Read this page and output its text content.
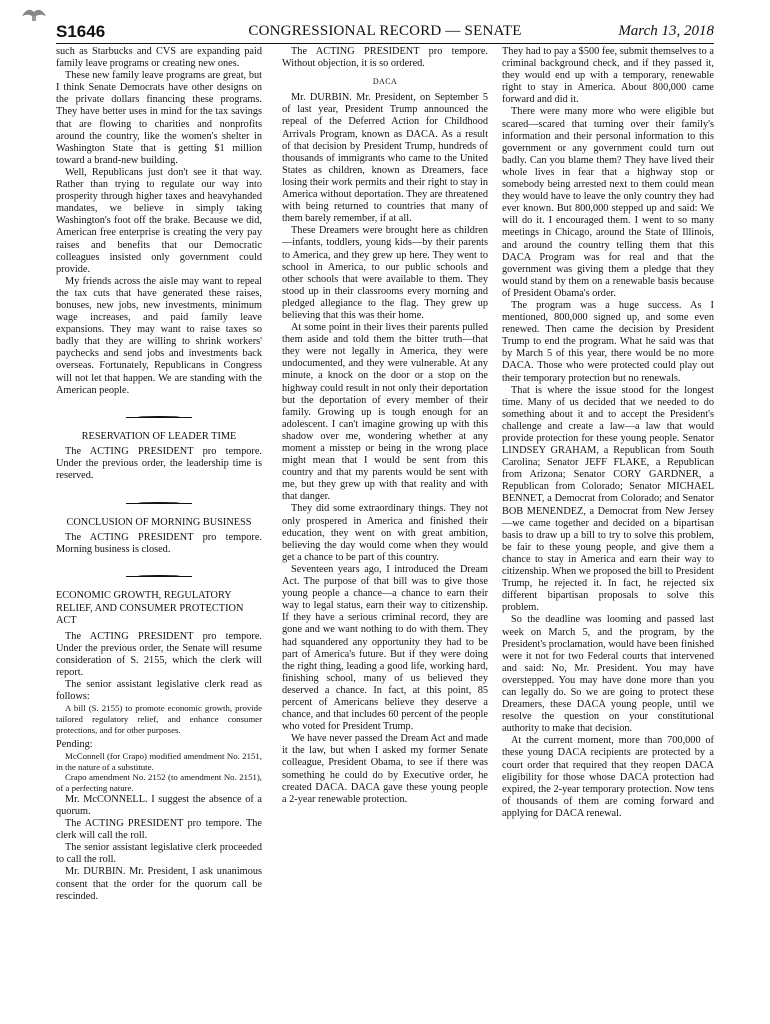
S1646	CONGRESSIONAL RECORD — SENATE	March 13, 2018

such as Starbucks and CVS are expanding paid family leave programs or creating new ones.

These new family leave programs are great, but I think Senate Democrats have other designs on the private dollars financing these programs. They have better uses in mind for the tax savings that are flowing to charities and nonprofits around the country, like the women's shelter in Washington State that is getting $1 million toward a brand-new building.

Well, Republicans just don't see it that way. Rather than trying to regulate our way into prosperity through higher taxes and heavyhanded mandates, we believe in simply taking Washington's foot off the brake. Because we did, American free enterprise is creating the very pay raises and benefits that our Democratic colleagues insisted only government could provide.

My friends across the aisle may want to repeal the tax cuts that have generated these raises, bonuses, new jobs, new investments, minimum wage increases, and paid family leave expansions. They may want to raise taxes so badly that they are willing to shrink workers' paychecks and send jobs and investments back overseas. Fortunately, Republicans in Congress will not let that happen. We are standing with the American people.

RESERVATION OF LEADER TIME

The ACTING PRESIDENT pro tempore. Under the previous order, the leadership time is reserved.

CONCLUSION OF MORNING BUSINESS

The ACTING PRESIDENT pro tempore. Morning business is closed.

ECONOMIC GROWTH, REGULATORY RELIEF, AND CONSUMER PROTECTION ACT

The ACTING PRESIDENT pro tempore. Under the previous order, the Senate will resume consideration of S. 2155, which the clerk will report.

The senior assistant legislative clerk read as follows:

A bill (S. 2155) to promote economic growth, provide tailored regulatory relief, and enhance consumer protections, and for other purposes.

Pending:

McConnell (for Crapo) modified amendment No. 2151, in the nature of a substitute.

Crapo amendment No. 2152 (to amendment No. 2151), of a perfecting nature.

Mr. McCONNELL. I suggest the absence of a quorum.

The ACTING PRESIDENT pro tempore. The clerk will call the roll.

The senior assistant legislative clerk proceeded to call the roll.

Mr. DURBIN. Mr. President, I ask unanimous consent that the order for the quorum call be rescinded.

The ACTING PRESIDENT pro tempore. Without objection, it is so ordered.

DACA

Mr. DURBIN. Mr. President, on September 5 of last year, President Trump announced the repeal of the Deferred Action for Childhood Arrivals Program, known as DACA. As a result of that decision by President Trump, hundreds of thousands of immigrants who came to the United States as children, known as Dreamers, face losing their work permits and their right to stay in America without deportation. They are threatened with being returned to countries that many of them barely remember, if at all.

These Dreamers were brought here as children—infants, toddlers, young kids—by their parents to America, and they grew up here. They went to school in America, to our public schools and other schools that were available to them. They stood up in their classrooms every morning and pledged allegiance to the flag. They grew up believing that this was their home.

At some point in their lives their parents pulled them aside and told them the bitter truth—that they were not legally in America, they were undocumented, and they were vulnerable. At any minute, a knock on the door or a stop on the highway could result in not only their deportation but the deportation of every member of their family. Growing up is tough enough for an adolescent. I can't imagine growing up with this shadow over me, wondering whether at any moment a misstep or being in the wrong place might mean that I would be sent from this country and that my parents would be sent with me, but they grew up with that reality and with that danger.

They did some extraordinary things. They not only prospered in America and finished their education, they went on with great ambition, believing the day would come when they would get a chance to be part of this country.

Seventeen years ago, I introduced the Dream Act. The purpose of that bill was to give those young people a chance—a chance to earn their way to legal status, earn their way to citizenship. If they have a serious criminal record, they are gone and we want nothing to do with them. They had squandered any opportunity they had to be part of America's future. But if they were doing the right thing, leading a good life, working hard, finishing school, many of us believed they deserved a chance. In fact, at this point, 85 percent of Americans believe they deserve a chance, and that includes 60 percent of the people who voted for President Trump.

We have never passed the Dream Act and made it the law, but when I asked my former Senate colleague, President Obama, to see if there was something he could do by Executive order, he created DACA. DACA gave these young people a 2-year renewable protection.

They had to pay a $500 fee, submit themselves to a criminal background check, and if they passed it, they would end up with a temporary, renewable right to stay in America. About 800,000 came forward and did it.

There were many more who were eligible but scared—scared that turning over their family's information and their personal information to this government or any government could turn out badly. Can you blame them? They have lived their whole lives in fear that a highway stop or somebody being arrested next to them could mean they would have to leave the only country they had ever known. But 800,000 stepped up and said: We will do it. I encouraged them. I went to so many meetings in Chicago, around the State of Illinois, and around the country telling them that this DACA Program was for real and that the government was giving them a pledge that they would stand by them on a renewable basis because of President Obama's order.

The program was a huge success. As I mentioned, 800,000 signed up, and some even renewed. Then came the decision by President Trump to end the program. What he said was that by March 5 of this year, there would be no more DACA. Those who were protected could play out their temporary protection but no renewals.

That is where the issue stood for the longest time. Many of us decided that we needed to do something about it and to accept the President's challenge and create a law—a law that would provide protection for these young people. Senator LINDSEY GRAHAM, a Republican from South Carolina; Senator JEFF FLAKE, a Republican from Arizona; Senator CORY GARDNER, a Republican from Colorado; Senator MICHAEL BENNET, a Democrat from Colorado; and Senator BOB MENENDEZ, a Democrat from New Jersey—we came together and decided on a bipartisan basis to draw up a bill to try to solve this problem, be fair to these young people, and give them a chance to stay in America and earn their way to citizenship. When we proposed the bill to President Trump, he rejected it. In fact, he rejected six different bipartisan proposals to solve this problem.

So the deadline was looming and passed last week on March 5, and the program, by the President's proclamation, would have been finished were it not for two Federal courts that intervened and said: No, Mr. President. You may have overstepped. You may have done more than you can legally do. So we are going to protect these Dreamers, these DACA young people, until we resolve the question on your constitutional authority to make that decision.

At the current moment, more than 700,000 of these young DACA recipients are protected by a court order that required that they reopen DACA eligibility for those whose DACA protection had expired, the 2-year temporary protection. Now tens of thousands of them are coming forward and applying for DACA renewal.
